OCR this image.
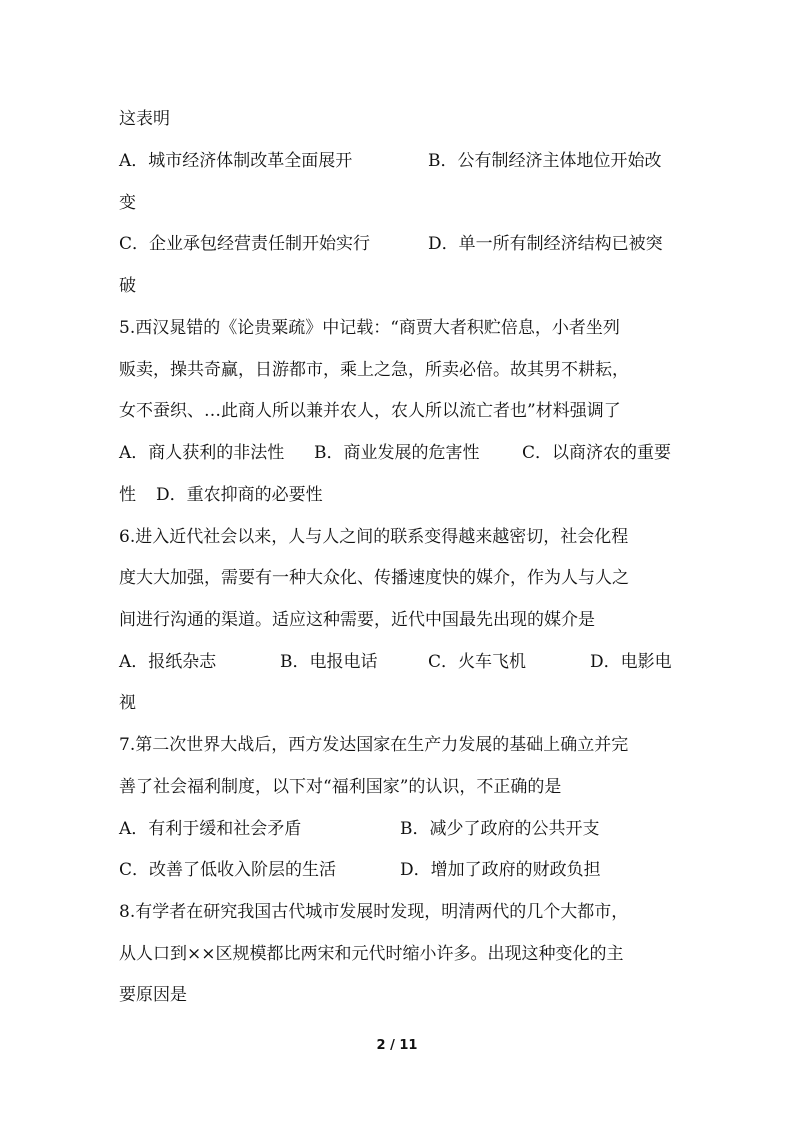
这表明
A．城市经济体制改革全面展开	B．公有制经济主体地位开始改
变
C．企业承包经营责任制开始实行	D．单一所有制经济结构已被突
破
5.西汉晁错的《论贵粟疏》中记载：“商贾大者积贮倍息，小者坐列
贩卖，操共奇赢，日游都市，乘上之急，所卖必倍。故其男不耕耘，
女不蚕织、…此商人所以兼并农人，农人所以流亡者也”材料强调了
A．商人获利的非法性 B．商业发展的危害性	C．以商济农的重要
性 D．重农抑商的必要性
6.进入近代社会以来，人与人之间的联系变得越来越密切，社会化程
度大大加强，需要有一种大众化、传播速度快的媒介，作为人与人之
间进行沟通的渠道。适应这种需要，近代中国最先出现的媒介是
A．报纸杂志	B．电报电话	C．火车飞机	D．电影电
视
7.第二次世界大战后，西方发达国家在生产力发展的基础上确立并完
善了社会福利制度，以下对“福利国家”的认识，不正确的是
A．有利于缓和社会矛盾	B．减少了政府的公共开支
C．改善了低收入阶层的生活	D．增加了政府的财政负担
8.有学者在研究我国古代城市发展时发现，明清两代的几个大都市，
从人口到××区规模都比两宋和元代时缩小许多。出现这种变化的主
要原因是
2 / 11
